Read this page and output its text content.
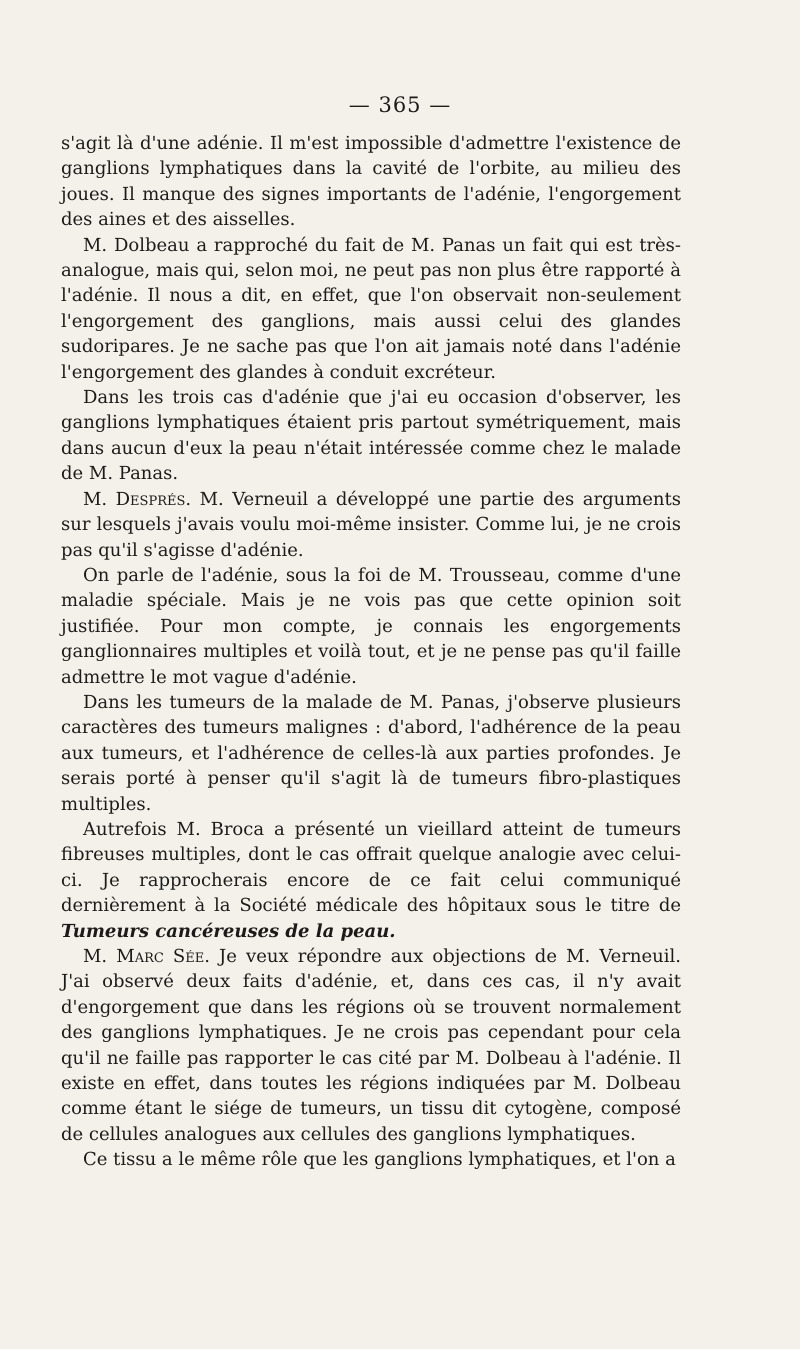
— 365 —

s'agit là d'une adénie. Il m'est impossible d'admettre l'existence de ganglions lymphatiques dans la cavité de l'orbite, au milieu des joues. Il manque des signes importants de l'adénie, l'engorgement des aines et des aisselles.

M. Dolbeau a rapproché du fait de M. Panas un fait qui est très-analogue, mais qui, selon moi, ne peut pas non plus être rapporté à l'adénie. Il nous a dit, en effet, que l'on observait non-seulement l'engorgement des ganglions, mais aussi celui des glandes sudoripares. Je ne sache pas que l'on ait jamais noté dans l'adénie l'engorgement des glandes à conduit excréteur.

Dans les trois cas d'adénie que j'ai eu occasion d'observer, les ganglions lymphatiques étaient pris partout symétriquement, mais dans aucun d'eux la peau n'était intéressée comme chez le malade de M. Panas.

M. Després. M. Verneuil a développé une partie des arguments sur lesquels j'avais voulu moi-même insister. Comme lui, je ne crois pas qu'il s'agisse d'adénie.

On parle de l'adénie, sous la foi de M. Trousseau, comme d'une maladie spéciale. Mais je ne vois pas que cette opinion soit justifiée. Pour mon compte, je connais les engorgements ganglionnaires multiples et voilà tout, et je ne pense pas qu'il faille admettre le mot vague d'adénie.

Dans les tumeurs de la malade de M. Panas, j'observe plusieurs caractères des tumeurs malignes : d'abord, l'adhérence de la peau aux tumeurs, et l'adhérence de celles-là aux parties profondes. Je serais porté à penser qu'il s'agit là de tumeurs fibro-plastiques multiples.

Autrefois M. Broca a présenté un vieillard atteint de tumeurs fibreuses multiples, dont le cas offrait quelque analogie avec celui-ci. Je rapprocherais encore de ce fait celui communiqué dernièrement à la Société médicale des hôpitaux sous le titre de Tumeurs cancéreuses de la peau.

M. Marc Sée. Je veux répondre aux objections de M. Verneuil. J'ai observé deux faits d'adénie, et, dans ces cas, il n'y avait d'engorgement que dans les régions où se trouvent normalement des ganglions lymphatiques. Je ne crois pas cependant pour cela qu'il ne faille pas rapporter le cas cité par M. Dolbeau à l'adénie. Il existe en effet, dans toutes les régions indiquées par M. Dolbeau comme étant le siége de tumeurs, un tissu dit cytogène, composé de cellules analogues aux cellules des ganglions lymphatiques.

Ce tissu a le même rôle que les ganglions lymphatiques, et l'on a
